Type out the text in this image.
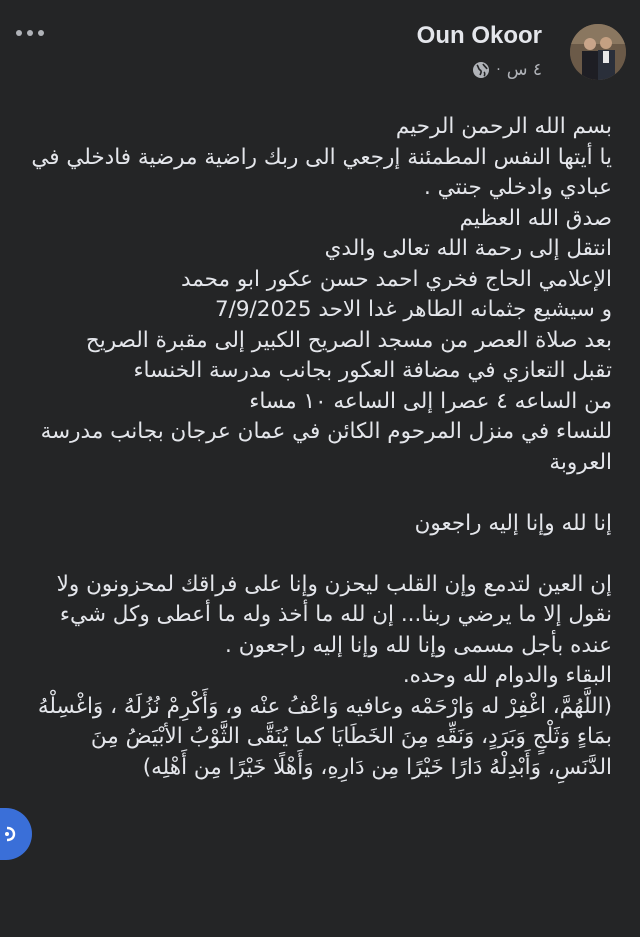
Oun Okoor
٤ س
·

بسم الله الرحمن الرحيم

يا أيتها النفس المطمئنة إرجعي الى ربك راضية مرضية فادخلي في عبادي وادخلي جنتي .

صدق الله العظيم

انتقل إلى رحمة الله تعالى والدي

الإعلامي الحاج فخري احمد حسن عكور ابو محمد

و سيشيع جثمانه الطاهر غدا الاحد 7/9/2025

بعد صلاة العصر من مسجد الصريح الكبير إلى مقبرة الصريح

تقبل التعازي في مضافة العكور بجانب مدرسة الخنساء

من الساعه ٤ عصرا إلى الساعه ١٠ مساء

للنساء في منزل المرحوم الكائن في عمان عرجان بجانب مدرسة العروبة

إنا لله وإنا إليه راجعون

إن العين لتدمع وإن القلب ليحزن وإنا على فراقك لمحزونون ولا نقول إلا ما يرضي ربنا... إن لله ما أخذ وله ما أعطى وكل شيء عنده بأجل مسمى وإنا لله وإنا إليه راجعون .

البقاء والدوام لله وحده.

(اللَّهُمَّ، اغْفِرْ له وَارْحَمْه وعافيه وَاعْفُ عنْه و، وَأَكْرِمْ نُزُلَهُ ، وَاغْسِلْهُ بمَاءٍ وَثَلْجٍ وَبَرَدٍ، وَنَقِّهِ مِنَ الخَطَايَا كما يُنَقَّى الثَّوْبُ الأبْيَضُ مِنَ الدَّنَسِ، وَأَبْدِلْهُ دَارًا خَيْرًا مِن دَارِهِ، وَأَهْلًا خَيْرًا مِن أَهْلِه)
